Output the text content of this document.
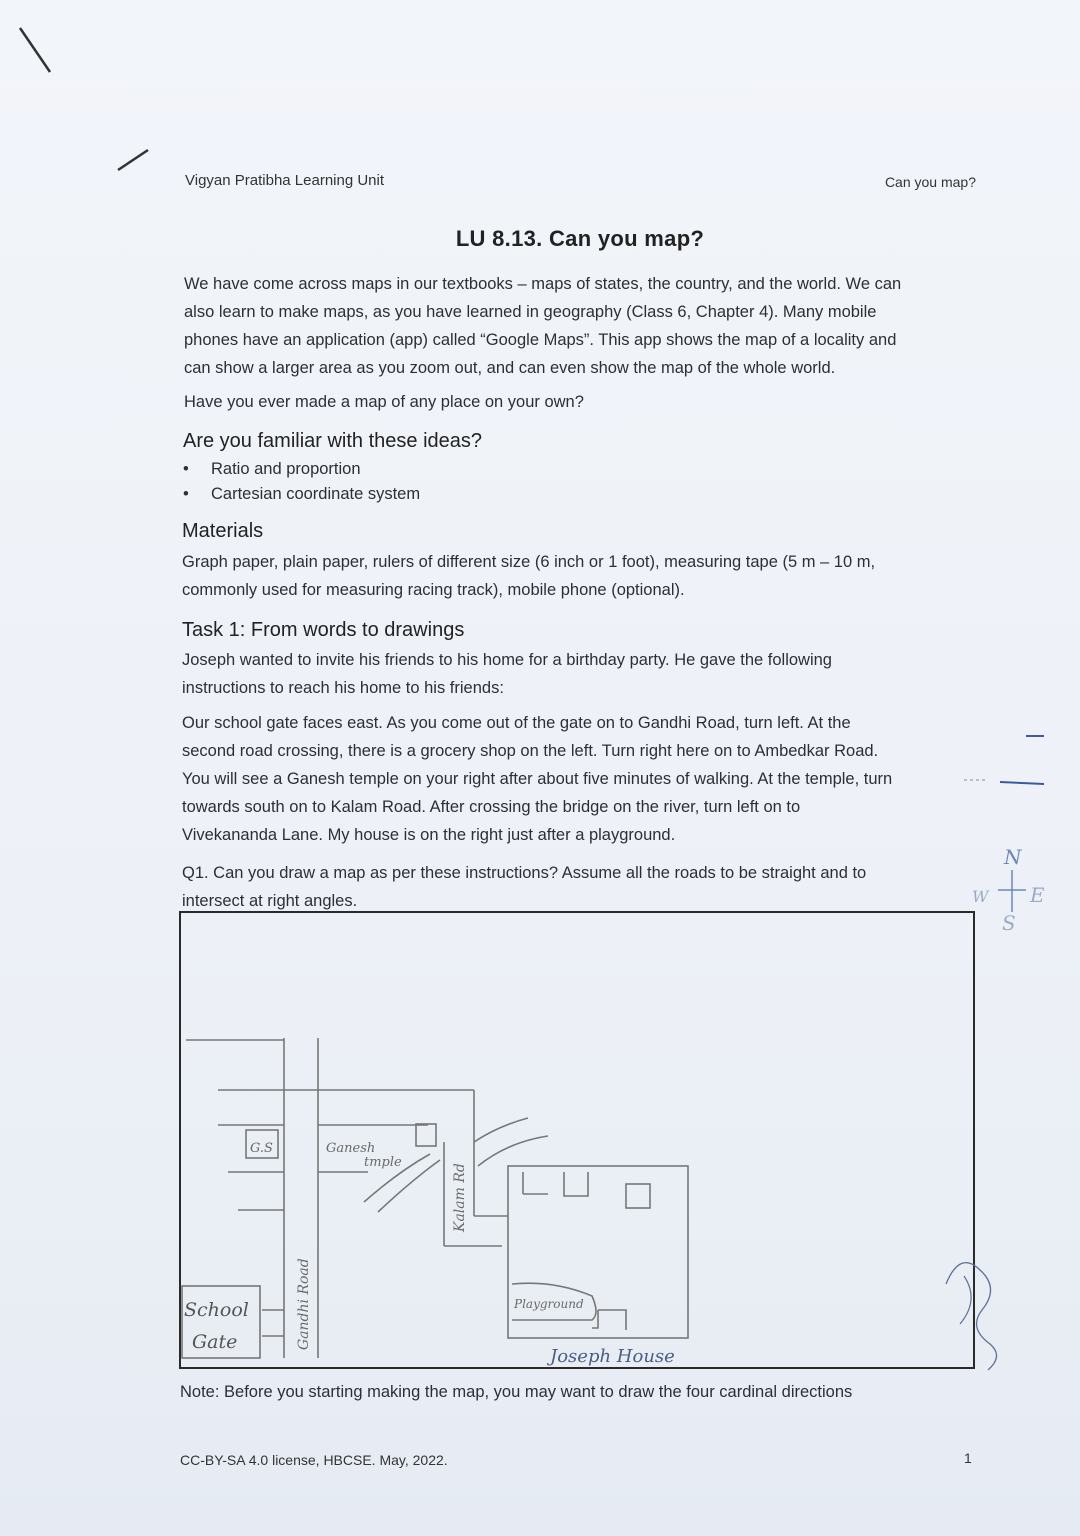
Vigyan Pratibha Learning Unit	Can you map?
LU 8.13. Can you map?
We have come across maps in our textbooks – maps of states, the country, and the world. We can
also learn to make maps, as you have learned in geography (Class 6, Chapter 4). Many mobile
phones have an application (app) called “Google Maps”. This app shows the map of a locality and
can show a larger area as you zoom out, and can even show the map of the whole world.
Have you ever made a map of any place on your own?
Are you familiar with these ideas?
• Ratio and proportion
• Cartesian coordinate system
Materials
Graph paper, plain paper, rulers of different size (6 inch or 1 foot), measuring tape (5 m – 10 m,
commonly used for measuring racing track), mobile phone (optional).
Task 1: From words to drawings
Joseph wanted to invite his friends to his home for a birthday party. He gave the following
instructions to reach his home to his friends:
Our school gate faces east. As you come out of the gate on to Gandhi Road, turn left. At the
second road crossing, there is a grocery shop on the left. Turn right here on to Ambedkar Road.
You will see a Ganesh temple on your right after about five minutes of walking. At the temple, turn
towards south on to Kalam Road. After crossing the bridge on the river, turn left on to
Vivekananda Lane. My house is on the right just after a playground.
Q1. Can you draw a map as per these instructions? Assume all the roads to be straight and to
intersect at right angles.
N
W E
S
G.S	Ganesh
tmple
Kalam Rd
Gandhi Road
School
Gate
Playground
Joseph House
Note: Before you starting making the map, you may want to draw the four cardinal directions
CC-BY-SA 4.0 license, HBCSE. May, 2022.	1
